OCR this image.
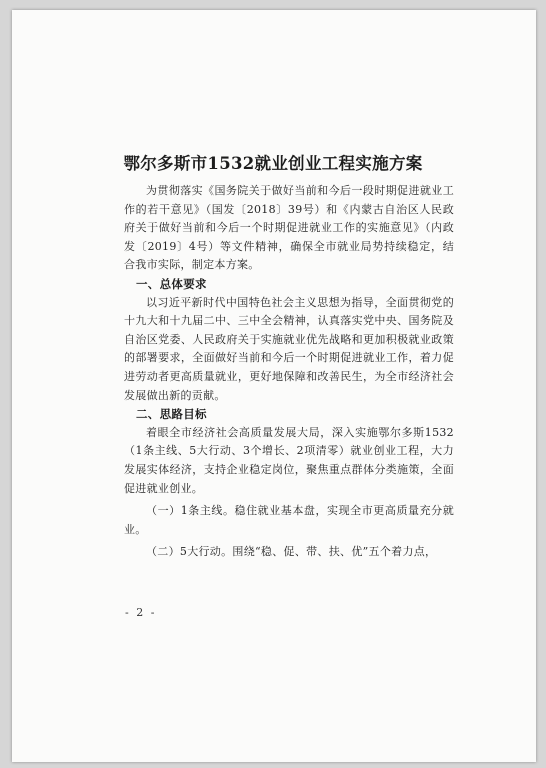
鄂尔多斯市1532就业创业工程实施方案

为贯彻落实《国务院关于做好当前和今后一段时期促进就业工作的若干意见》（国发〔2018〕39号）和《内蒙古自治区人民政府关于做好当前和今后一个时期促进就业工作的实施意见》（内政发〔2019〕4号）等文件精神，确保全市就业局势持续稳定，结合我市实际，制定本方案。

一、总体要求

以习近平新时代中国特色社会主义思想为指导，全面贯彻党的十九大和十九届二中、三中全会精神，认真落实党中央、国务院及自治区党委、人民政府关于实施就业优先战略和更加积极就业政策的部署要求，全面做好当前和今后一个时期促进就业工作，着力促进劳动者更高质量就业，更好地保障和改善民生，为全市经济社会发展做出新的贡献。

二、思路目标

着眼全市经济社会高质量发展大局，深入实施鄂尔多斯1532（1条主线、5大行动、3个增长、2项清零）就业创业工程，大力发展实体经济，支持企业稳定岗位，聚焦重点群体分类施策，全面促进就业创业。

（一）1条主线。稳住就业基本盘，实现全市更高质量充分就业。

（二）5大行动。围绕“稳、促、带、扶、优”五个着力点，

- 2 -
